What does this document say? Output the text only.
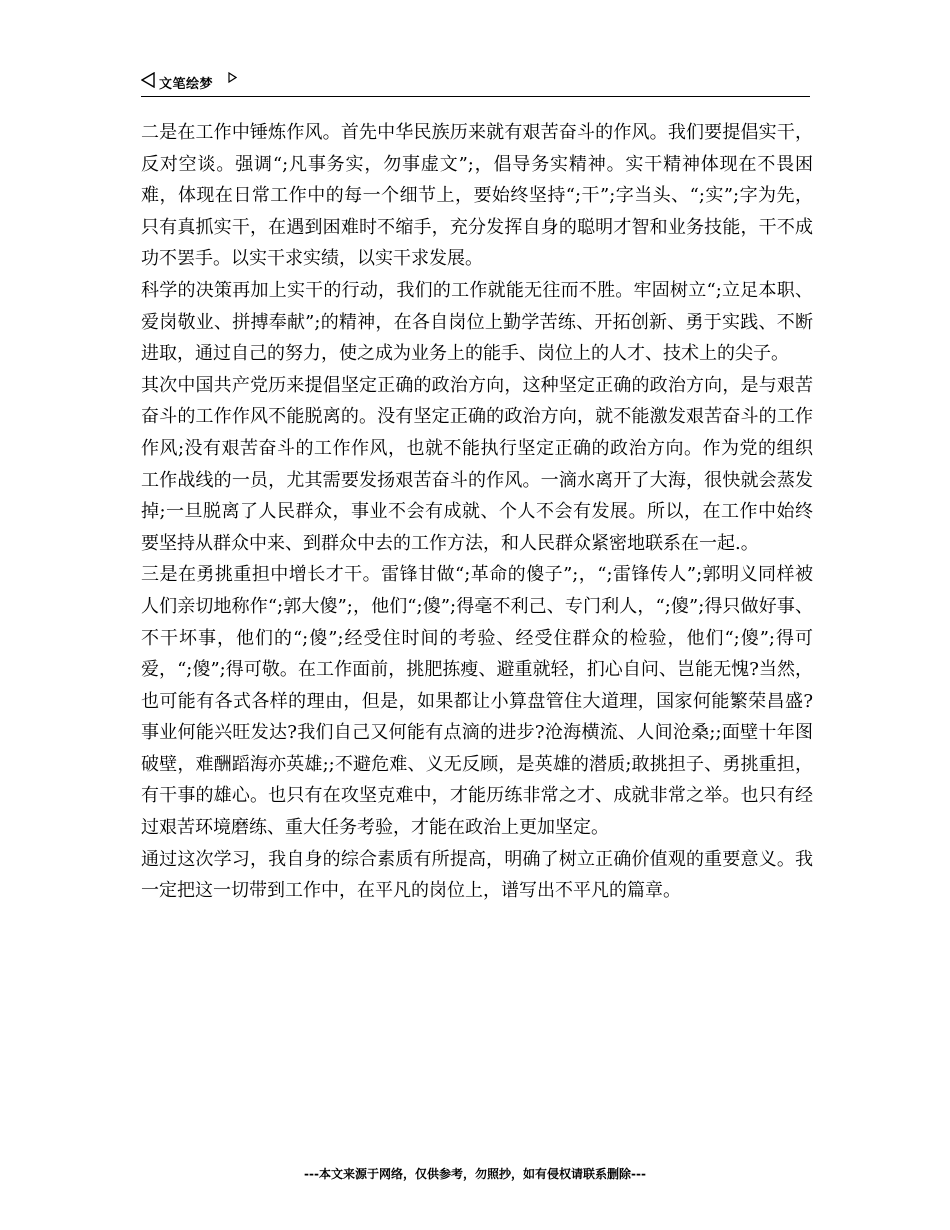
文笔绘梦

二是在工作中锤炼作风。首先中华民族历来就有艰苦奋斗的作风。我们要提倡实干，反对空谈。强调“;凡事务实，勿事虚文”;，倡导务实精神。实干精神体现在不畏困难，体现在日常工作中的每一个细节上，要始终坚持“;干”;字当头、“;实”;字为先，只有真抓实干，在遇到困难时不缩手，充分发挥自身的聪明才智和业务技能，干不成功不罢手。以实干求实绩，以实干求发展。

科学的决策再加上实干的行动，我们的工作就能无往而不胜。牢固树立“;立足本职、爱岗敬业、拼搏奉献”;的精神，在各自岗位上勤学苦练、开拓创新、勇于实践、不断进取，通过自己的努力，使之成为业务上的能手、岗位上的人才、技术上的尖子。

其次中国共产党历来提倡坚定正确的政治方向，这种坚定正确的政治方向，是与艰苦奋斗的工作作风不能脱离的。没有坚定正确的政治方向，就不能激发艰苦奋斗的工作作风;没有艰苦奋斗的工作作风，也就不能执行坚定正确的政治方向。作为党的组织工作战线的一员，尤其需要发扬艰苦奋斗的作风。一滴水离开了大海，很快就会蒸发掉;一旦脱离了人民群众，事业不会有成就、个人不会有发展。所以，在工作中始终要坚持从群众中来、到群众中去的工作方法，和人民群众紧密地联系在一起.。

三是在勇挑重担中增长才干。雷锋甘做“;革命的傻子”;，“;雷锋传人”;郭明义同样被人们亲切地称作“;郭大傻”;，他们“;傻”;得毫不利己、专门利人，“;傻”;得只做好事、不干坏事，他们的“;傻”;经受住时间的考验、经受住群众的检验，他们“;傻”;得可爱，“;傻”;得可敬。在工作面前，挑肥拣瘦、避重就轻，扪心自问、岂能无愧?当然，也可能有各式各样的理由，但是，如果都让小算盘管住大道理，国家何能繁荣昌盛?事业何能兴旺发达?我们自己又何能有点滴的进步?沧海横流、人间沧桑;;面壁十年图破壁，难酬蹈海亦英雄;;不避危难、义无反顾，是英雄的潜质;敢挑担子、勇挑重担，有干事的雄心。也只有在攻坚克难中，才能历练非常之才、成就非常之举。也只有经过艰苦环境磨练、重大任务考验，才能在政治上更加坚定。

通过这次学习，我自身的综合素质有所提高，明确了树立正确价值观的重要意义。我一定把这一切带到工作中，在平凡的岗位上，谱写出不平凡的篇章。

---本文来源于网络，仅供参考，勿照抄，如有侵权请联系删除---
